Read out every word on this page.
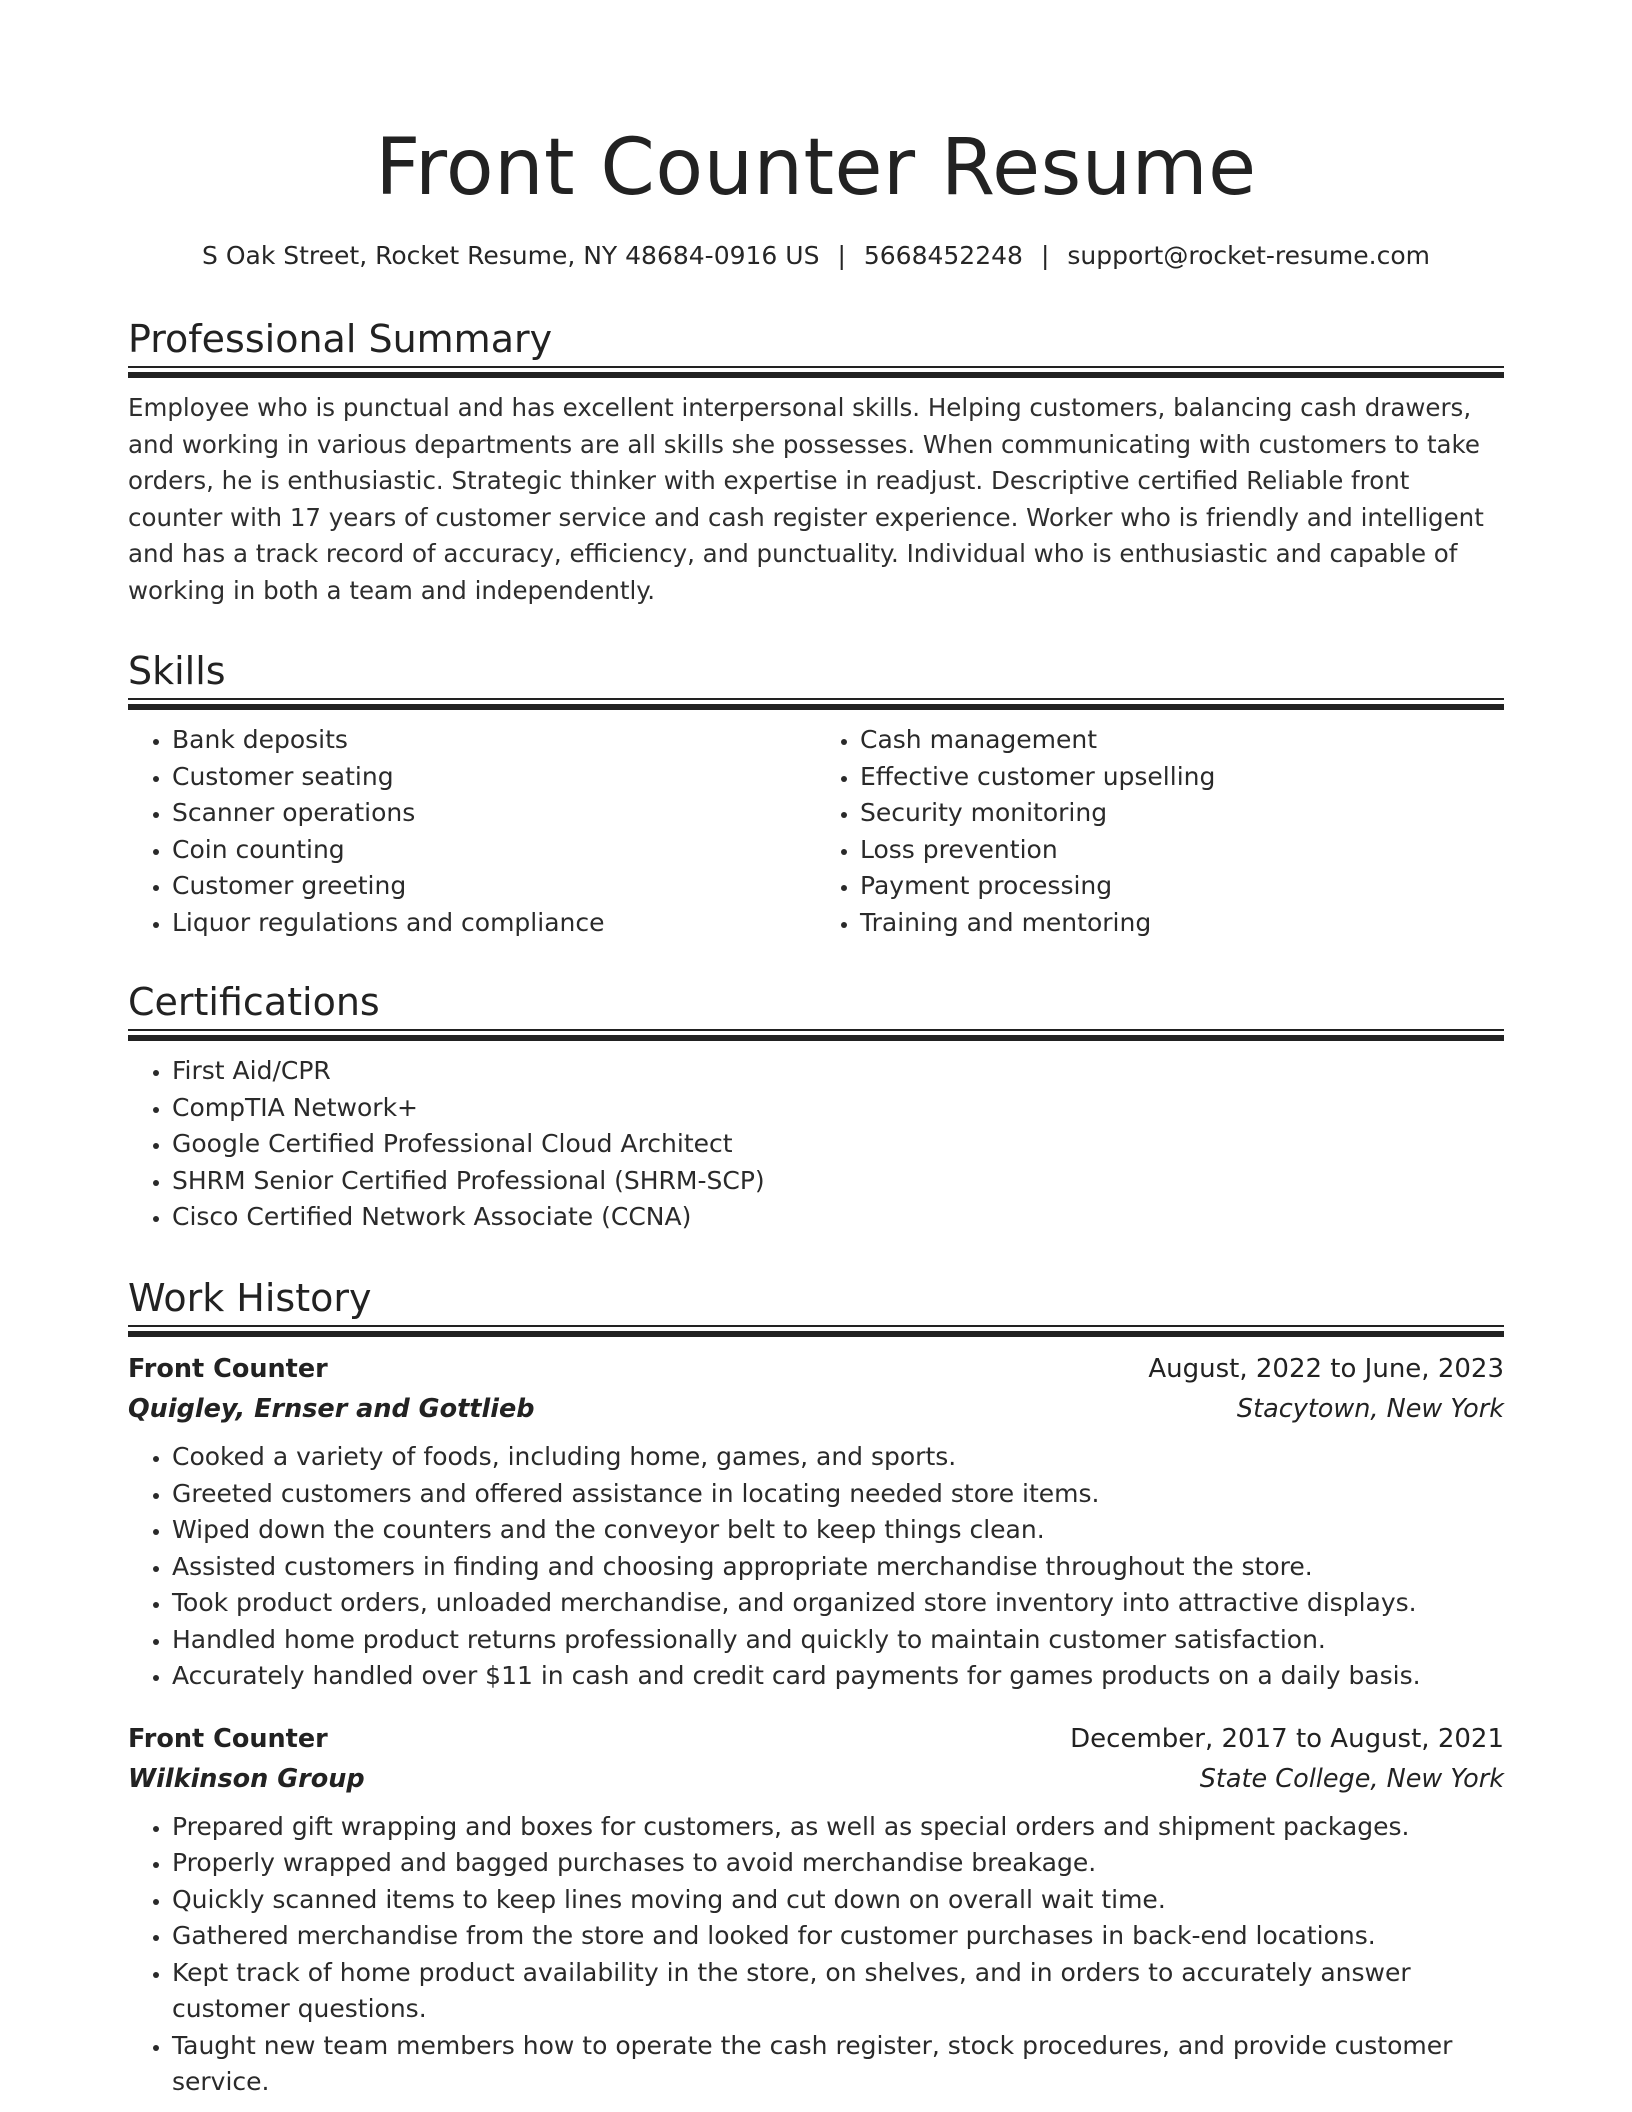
Front Counter Resume
S Oak Street, Rocket Resume, NY 48684-0916 US | 5668452248 | support@rocket-resume.com
Professional Summary

Employee who is punctual and has excellent interpersonal skills. Helping customers, balancing cash drawers, and working in various departments are all skills she possesses. When communicating with customers to take orders, he is enthusiastic. Strategic thinker with expertise in readjust. Descriptive certified Reliable front counter with 17 years of customer service and cash register experience. Worker who is friendly and intelligent and has a track record of accuracy, efficiency, and punctuality. Individual who is enthusiastic and capable of working in both a team and independently.

Skills
• Bank deposits
• Customer seating
• Scanner operations
• Coin counting
• Customer greeting
• Liquor regulations and compliance
• Cash management
• Effective customer upselling
• Security monitoring
• Loss prevention
• Payment processing
• Training and mentoring
Certifications
• First Aid/CPR
• CompTIA Network+
• Google Certified Professional Cloud Architect
• SHRM Senior Certified Professional (SHRM-SCP)
• Cisco Certified Network Associate (CCNA)
Work History
Front Counter	August, 2022 to June, 2023
Quigley, Ernser and Gottlieb	Stacytown, New York
• Cooked a variety of foods, including home, games, and sports.
• Greeted customers and offered assistance in locating needed store items.
• Wiped down the counters and the conveyor belt to keep things clean.
• Assisted customers in finding and choosing appropriate merchandise throughout the store.
• Took product orders, unloaded merchandise, and organized store inventory into attractive displays.
• Handled home product returns professionally and quickly to maintain customer satisfaction.
• Accurately handled over $11 in cash and credit card payments for games products on a daily basis.
Front Counter	December, 2017 to August, 2021
Wilkinson Group	State College, New York
• Prepared gift wrapping and boxes for customers, as well as special orders and shipment packages.
• Properly wrapped and bagged purchases to avoid merchandise breakage.
• Quickly scanned items to keep lines moving and cut down on overall wait time.
• Gathered merchandise from the store and looked for customer purchases in back-end locations.
• Kept track of home product availability in the store, on shelves, and in orders to accurately answer customer questions.
• Taught new team members how to operate the cash register, stock procedures, and provide customer service.
